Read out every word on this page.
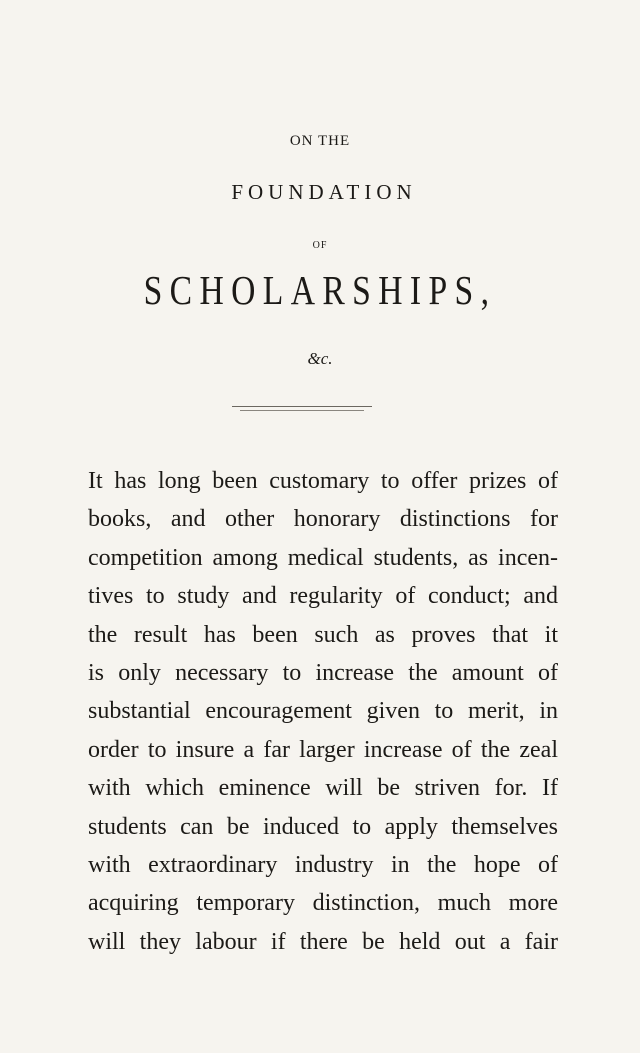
ON THE
FOUNDATION
OF
SCHOLARSHIPS,
&c.
It has long been customary to offer prizes of
books, and other honorary distinctions for
competition among medical students, as incen-
tives to study and regularity of conduct; and
the result has been such as proves that it
is only necessary to increase the amount of
substantial encouragement given to merit, in
order to insure a far larger increase of the zeal
with which eminence will be striven for. If
students can be induced to apply themselves
with extraordinary industry in the hope of
acquiring temporary distinction, much more
will they labour if there be held out a fair
